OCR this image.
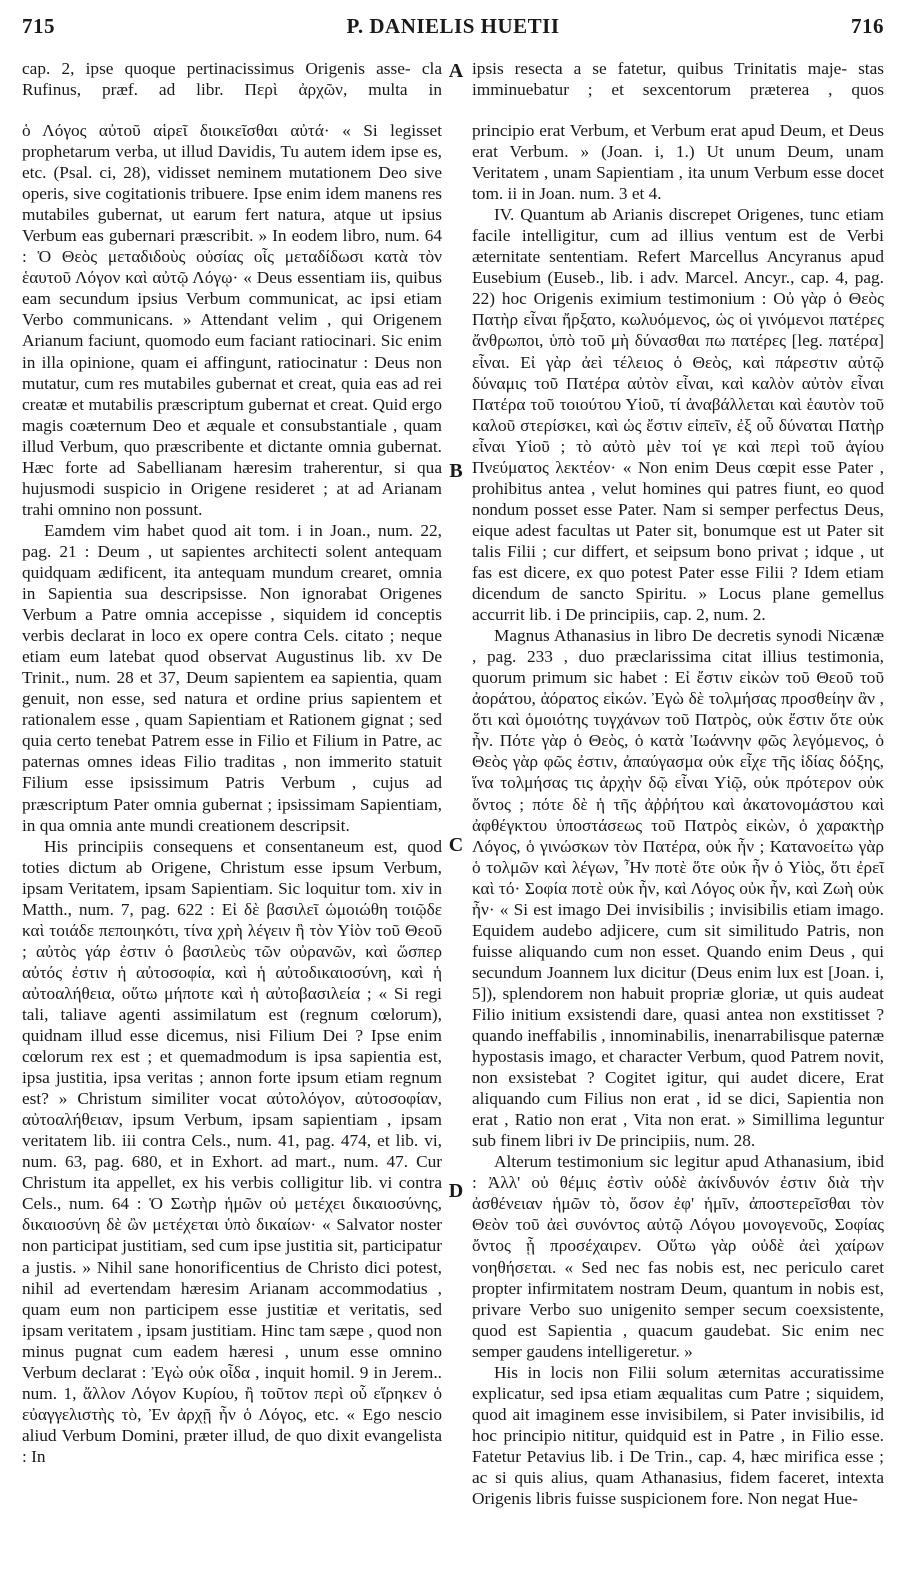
715	P. DANIELIS HUETII	716
cap. 2, ipse quoque pertinacissimus Origenis asse- cla Rufinus, præf. ad libr. Περὶ ἀρχῶν, multa in
ipsis resecta a se fatetur, quibus Trinitatis maje- stas imminuebatur ; et sexcentorum præterea , quos
A
B
C
D

ὁ Λόγος αὐτοῦ αἱρεῖ διοικεῖσθαι αὐτά· « Si legisset prophetarum verba, ut illud Davidis, Tu autem idem ipse es, etc. (Psal. ci, 28), vidisset neminem mutationem Deo sive operis, sive cogitationis tribuere. Ipse enim idem manens res mutabiles gubernat, ut earum fert natura, atque ut ipsius Verbum eas gubernari præscribit. » In eodem libro, num. 64 : Ὁ Θεὸς μεταδιδοὺς οὐσίας οἷς μεταδίδωσι κατὰ τὸν ἑαυτοῦ Λόγον καὶ αὐτῷ Λόγῳ· « Deus essentiam iis, quibus eam secundum ipsius Verbum communicat, ac ipsi etiam Verbo communicans. » Attendant velim , qui Origenem Arianum faciunt, quomodo eum faciant ratiocinari. Sic enim in illa opinione, quam ei affingunt, ratiocinatur : Deus non mutatur, cum res mutabiles gubernat et creat, quia eas ad rei creatæ et mutabilis præscriptum gubernat et creat. Quid ergo magis coæternum Deo et æquale et consubstantiale , quam illud Verbum, quo præscribente et dictante omnia gubernat. Hæc forte ad Sabellianam hæresim traherentur, si qua hujusmodi suspicio in Origene resideret ; at ad Arianam trahi omnino non possunt.

Eamdem vim habet quod ait tom. i in Joan., num. 22, pag. 21 : Deum , ut sapientes architecti solent antequam quidquam ædificent, ita antequam mundum crearet, omnia in Sapientia sua descripsisse. Non ignorabat Origenes Verbum a Patre omnia accepisse , siquidem id conceptis verbis declarat in loco ex opere contra Cels. citato ; neque etiam eum latebat quod observat Augustinus lib. xv De Trinit., num. 28 et 37, Deum sapientem ea sapientia, quam genuit, non esse, sed natura et ordine prius sapientem et rationalem esse , quam Sapientiam et Rationem gignat ; sed quia certo tenebat Patrem esse in Filio et Filium in Patre, ac paternas omnes ideas Filio traditas , non immerito statuit Filium esse ipsissimum Patris Verbum , cujus ad præscriptum Pater omnia gubernat ; ipsissimam Sapientiam, in qua omnia ante mundi creationem descripsit.

His principiis consequens et consentaneum est, quod toties dictum ab Origene, Christum esse ipsum Verbum, ipsam Veritatem, ipsam Sapientiam. Sic loquitur tom. xiv in Matth., num. 7, pag. 622 : Εἰ δὲ βασιλεῖ ὡμοιώθη τοιῷδε καὶ τοιάδε πεποιηκότι, τίνα χρὴ λέγειν ἢ τὸν Υἱὸν τοῦ Θεοῦ ; αὐτὸς γάρ ἐστιν ὁ βασιλεὺς τῶν οὐρανῶν, καὶ ὥσπερ αὐτός ἐστιν ἡ αὐτοσοφία, καὶ ἡ αὐτοδικαιοσύνη, καὶ ἡ αὐτοαλήθεια, οὕτω μήποτε καὶ ἡ αὐτοβασιλεία ; « Si regi tali, taliave agenti assimilatum est (regnum cœlorum), quidnam illud esse dicemus, nisi Filium Dei ? Ipse enim cœlorum rex est ; et quemadmodum is ipsa sapientia est, ipsa justitia, ipsa veritas ; annon forte ipsum etiam regnum est? » Christum similiter vocat αὐτολόγον, αὐτοσοφίαν, αὐτοαλήθειαν, ipsum Verbum, ipsam sapientiam , ipsam veritatem lib. iii contra Cels., num. 41, pag. 474, et lib. vi, num. 63, pag. 680, et in Exhort. ad mart., num. 47. Cur Christum ita appellet, ex his verbis colligitur lib. vi contra Cels., num. 64 : Ὁ Σωτὴρ ἡμῶν οὐ μετέχει δικαιοσύνης, δικαιοσύνη δὲ ὢν μετέχεται ὑπὸ δικαίων· « Salvator noster non participat justitiam, sed cum ipse justitia sit, participatur a justis. » Nihil sane honorificentius de Christo dici potest, nihil ad evertendam hæresim Arianam accommodatius , quam eum non participem esse justitiæ et veritatis, sed ipsam veritatem , ipsam justitiam. Hinc tam sæpe , quod non minus pugnat cum eadem hæresi , unum esse omnino Verbum declarat : Ἐγὼ οὐκ οἶδα , inquit homil. 9 in Jerem.. num. 1, ἄλλον Λόγον Κυρίου, ἢ τοῦτον περὶ οὗ εἴρηκεν ὁ εὐαγγελιστὴς τὸ, Ἐν ἀρχῇ ἦν ὁ Λόγος, etc. « Ego nescio aliud Verbum Domini, præter illud, de quo dixit evangelista : In

principio erat Verbum, et Verbum erat apud Deum, et Deus erat Verbum. » (Joan. i, 1.) Ut unum Deum, unam Veritatem , unam Sapientiam , ita unum Verbum esse docet tom. ii in Joan. num. 3 et 4.

IV. Quantum ab Arianis discrepet Origenes, tunc etiam facile intelligitur, cum ad illius ventum est de Verbi æternitate sententiam. Refert Marcellus Ancyranus apud Eusebium (Euseb., lib. i adv. Marcel. Ancyr., cap. 4, pag. 22) hoc Origenis eximium testimonium : Οὐ γὰρ ὁ Θεὸς Πατὴρ εἶναι ἤρξατο, κωλυόμενος, ὡς οἱ γινόμενοι πατέρες ἄνθρωποι, ὑπὸ τοῦ μὴ δύνασθαι πω πατέρες [leg. πατέρα] εἶναι. Εἰ γὰρ ἀεὶ τέλειος ὁ Θεὸς, καὶ πάρεστιν αὐτῷ δύναμις τοῦ Πατέρα αὐτὸν εἶναι, καὶ καλὸν αὐτὸν εἶναι Πατέρα τοῦ τοιούτου Υἱοῦ, τί ἀναβάλλεται καὶ ἑαυτὸν τοῦ καλοῦ στερίσκει, καὶ ὡς ἔστιν εἰπεῖν, ἐξ οὗ δύναται Πατὴρ εἶναι Υἱοῦ ; τὸ αὐτὸ μὲν τοί γε καὶ περὶ τοῦ ἁγίου Πνεύματος λεκτέον· « Non enim Deus cœpit esse Pater , prohibitus antea , velut homines qui patres fiunt, eo quod nondum posset esse Pater. Nam si semper perfectus Deus, eique adest facultas ut Pater sit, bonumque est ut Pater sit talis Filii ; cur differt, et seipsum bono privat ; idque , ut fas est dicere, ex quo potest Pater esse Filii ? Idem etiam dicendum de sancto Spiritu. » Locus plane gemellus accurrit lib. i De principiis, cap. 2, num. 2.

Magnus Athanasius in libro De decretis synodi Nicænæ , pag. 233 , duo præclarissima citat illius testimonia, quorum primum sic habet : Εἰ ἔστιν εἰκὼν τοῦ Θεοῦ τοῦ ἀοράτου, ἀόρατος εἰκών. Ἐγὼ δὲ τολμήσας προσθείην ἂν , ὅτι καὶ ὁμοιότης τυγχάνων τοῦ Πατρὸς, οὐκ ἔστιν ὅτε οὐκ ἦν. Πότε γὰρ ὁ Θεὸς, ὁ κατὰ Ἰωάννην φῶς λεγόμενος, ὁ Θεὸς γὰρ φῶς ἐστιν, ἀπαύγασμα οὐκ εἶχε τῆς ἰδίας δόξης, ἵνα τολμήσας τις ἀρχὴν δῷ εἶναι Υἱῷ, οὐκ πρότερον οὐκ ὄντος ; πότε δὲ ἡ τῆς ἀῤῥήτου καὶ ἀκατονομάστου καὶ ἀφθέγκτου ὑποστάσεως τοῦ Πατρὸς εἰκὼν, ὁ χαρακτὴρ Λόγος, ὁ γινώσκων τὸν Πατέρα, οὐκ ἦν ; Κατανοείτω γὰρ ὁ τολμῶν καὶ λέγων, Ἦν ποτὲ ὅτε οὐκ ἦν ὁ Υἱὸς, ὅτι ἐρεῖ καὶ τό· Σοφία ποτὲ οὐκ ἦν, καὶ Λόγος οὐκ ἦν, καὶ Ζωὴ οὐκ ἦν· « Si est imago Dei invisibilis ; invisibilis etiam imago. Equidem audebo adjicere, cum sit similitudo Patris, non fuisse aliquando cum non esset. Quando enim Deus , qui secundum Joannem lux dicitur (Deus enim lux est [Joan. i, 5]), splendorem non habuit propriæ gloriæ, ut quis audeat Filio initium exsistendi dare, quasi antea non exstitisset ? quando ineffabilis , innominabilis, inenarrabilisque paternæ hypostasis imago, et character Verbum, quod Patrem novit, non exsistebat ? Cogitet igitur, qui audet dicere, Erat aliquando cum Filius non erat , id se dici, Sapientia non erat , Ratio non erat , Vita non erat. » Simillima leguntur sub finem libri iv De principiis, num. 28.

Alterum testimonium sic legitur apud Athanasium, ibid : Ἀλλ' οὐ θέμις ἐστὶν οὐδὲ ἀκίνδυνόν ἐστιν διὰ τὴν ἀσθένειαν ἡμῶν τὸ, ὅσον ἐφ' ἡμῖν, ἀποστερεῖσθαι τὸν Θεὸν τοῦ ἀεὶ συνόντος αὐτῷ Λόγου μονογενοῦς, Σοφίας ὄντος ᾗ προσέχαιρεν. Οὕτω γὰρ οὐδὲ ἀεὶ χαίρων νοηθήσεται. « Sed nec fas nobis est, nec periculo caret propter infirmitatem nostram Deum, quantum in nobis est, privare Verbo suo unigenito semper secum coexsistente, quod est Sapientia , quacum gaudebat. Sic enim nec semper gaudens intelligeretur. »

His in locis non Filii solum æternitas accuratissime explicatur, sed ipsa etiam æqualitas cum Patre ; siquidem, quod ait imaginem esse invisibilem, si Pater invisibilis, id hoc principio nititur, quidquid est in Patre , in Filio esse. Fatetur Petavius lib. i De Trin., cap. 4, hæc mirifica esse ; ac si quis alius, quam Athanasius, fidem faceret, intexta Origenis libris fuisse suspicionem fore. Non negat Hue-
